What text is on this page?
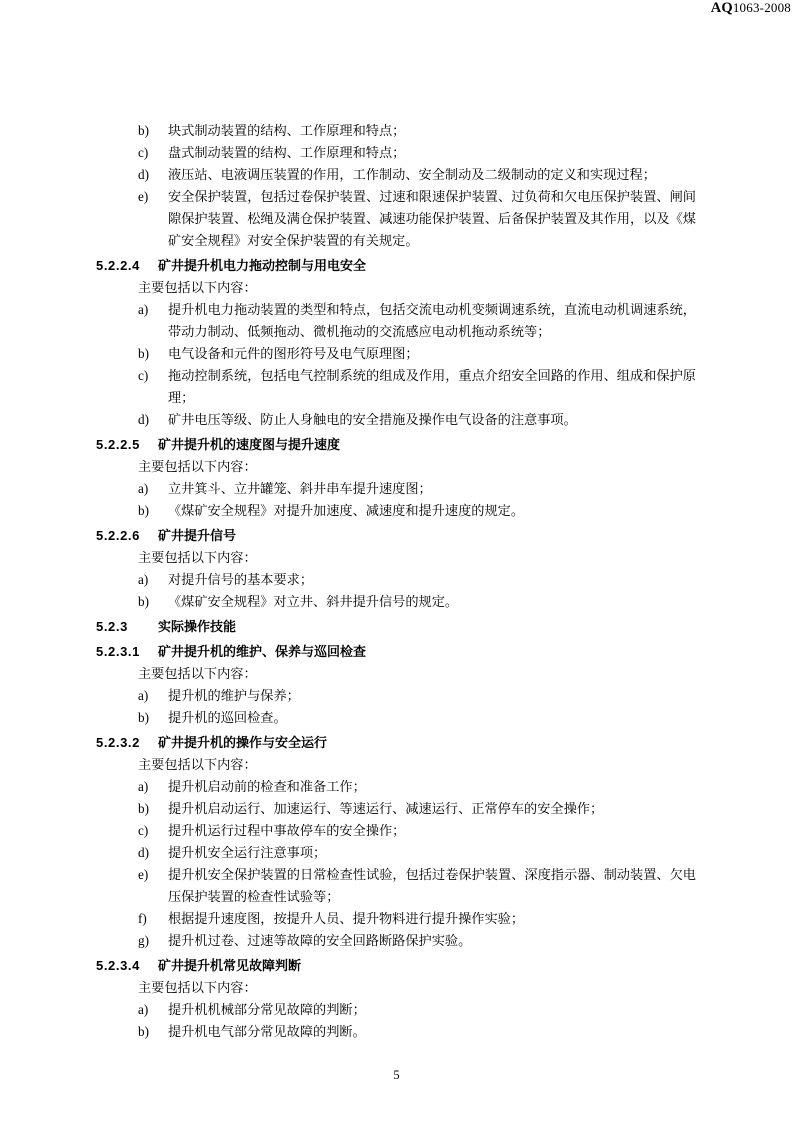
AQ1063-2008
b)	块式制动装置的结构、工作原理和特点；
c)	盘式制动装置的结构、工作原理和特点；
d)	液压站、电液调压装置的作用，工作制动、安全制动及二级制动的定义和实现过程；
e)	安全保护装置，包括过卷保护装置、过速和限速保护装置、过负荷和欠电压保护装置、闸间隙保护装置、松绳及满仓保护装置、减速功能保护装置、后备保护装置及其作用，以及《煤矿安全规程》对安全保护装置的有关规定。
5.2.2.4	矿井提升机电力拖动控制与用电安全
主要包括以下内容：
a)	提升机电力拖动装置的类型和特点，包括交流电动机变频调速系统，直流电动机调速系统，带动力制动、低频拖动、微机拖动的交流感应电动机拖动系统等；
b)	电气设备和元件的图形符号及电气原理图；
c)	拖动控制系统，包括电气控制系统的组成及作用，重点介绍安全回路的作用、组成和保护原理；
d)	矿井电压等级、防止人身触电的安全措施及操作电气设备的注意事项。
5.2.2.5	矿井提升机的速度图与提升速度
主要包括以下内容：
a)	立井箕斗、立井罐笼、斜井串车提升速度图；
b)	《煤矿安全规程》对提升加速度、减速度和提升速度的规定。
5.2.2.6	矿井提升信号
主要包括以下内容：
a)	对提升信号的基本要求；
b)	《煤矿安全规程》对立井、斜井提升信号的规定。
5.2.3	实际操作技能
5.2.3.1	矿井提升机的维护、保养与巡回检查
主要包括以下内容：
a)	提升机的维护与保养；
b)	提升机的巡回检查。
5.2.3.2	矿井提升机的操作与安全运行
主要包括以下内容：
a)	提升机启动前的检查和准备工作；
b)	提升机启动运行、加速运行、等速运行、减速运行、正常停车的安全操作；
c)	提升机运行过程中事故停车的安全操作；
d)	提升机安全运行注意事项；
e)	提升机安全保护装置的日常检查性试验，包括过卷保护装置、深度指示器、制动装置、欠电压保护装置的检查性试验等；
f)	根据提升速度图，按提升人员、提升物料进行提升操作实验；
g)	提升机过卷、过速等故障的安全回路断路保护实验。
5.2.3.4	矿井提升机常见故障判断
主要包括以下内容：
a)	提升机机械部分常见故障的判断；
b)	提升机电气部分常见故障的判断。
5
